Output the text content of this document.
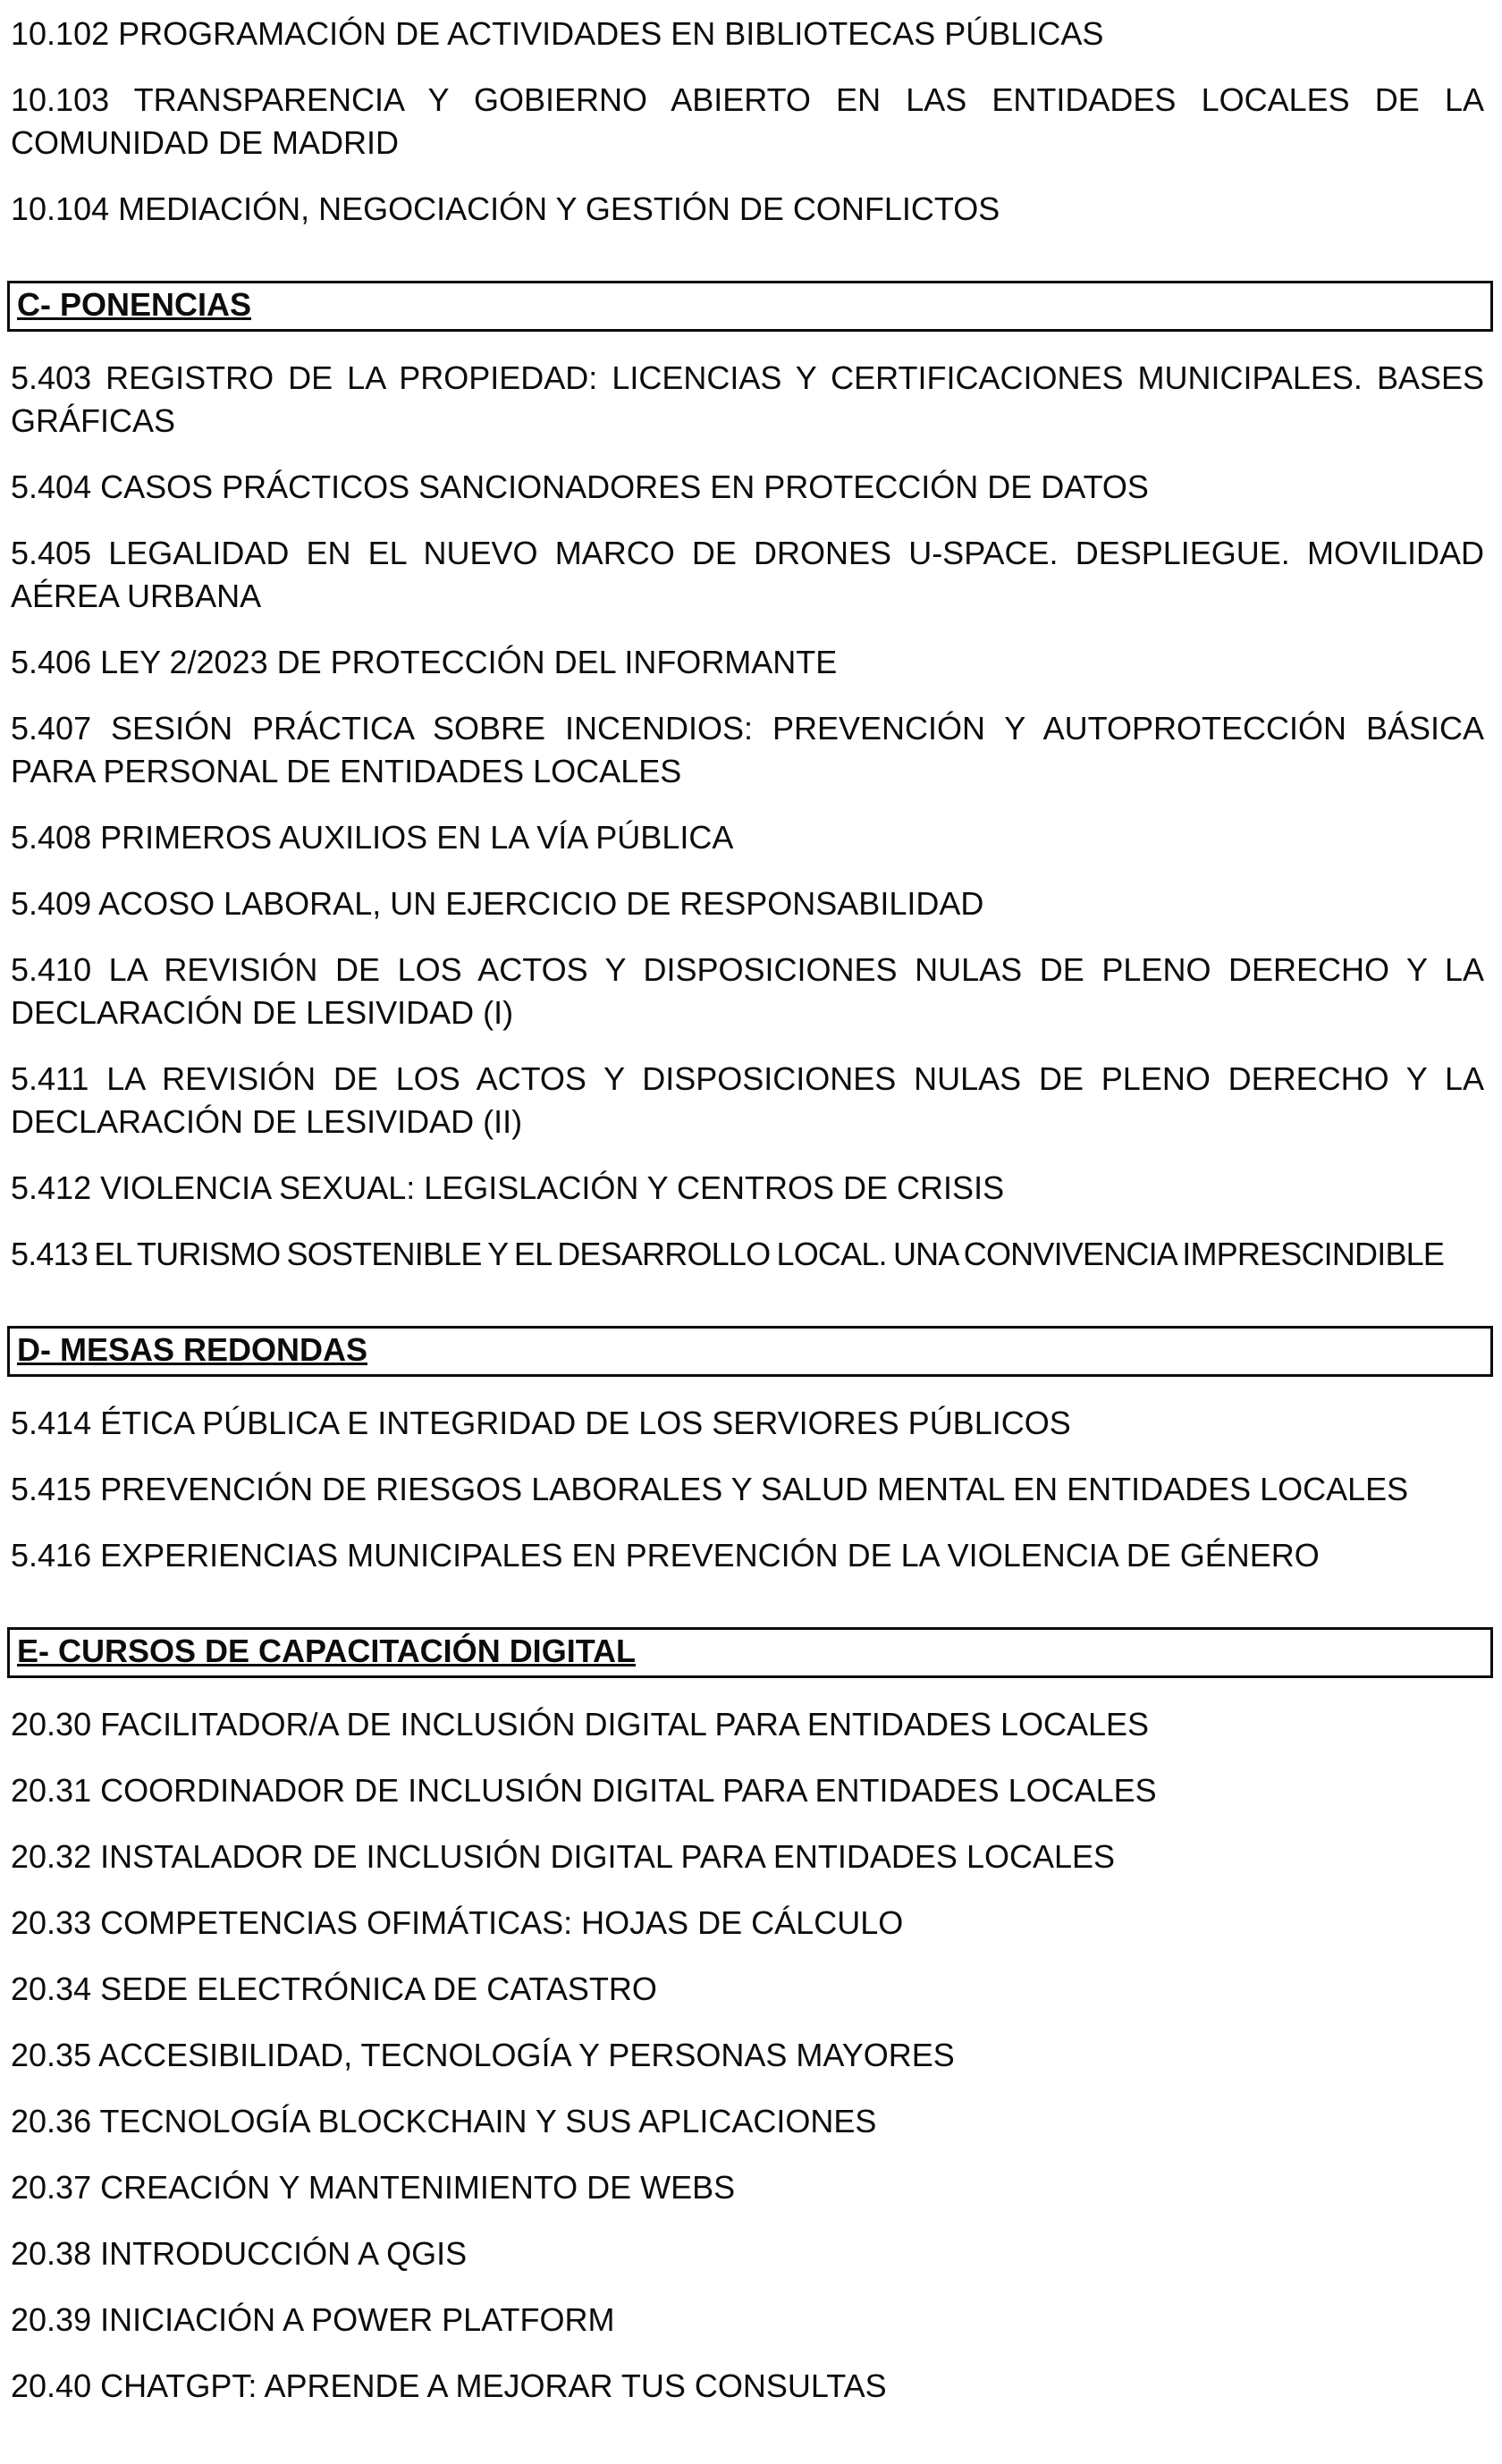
10.102 PROGRAMACIÓN DE ACTIVIDADES EN BIBLIOTECAS PÚBLICAS

10.103 TRANSPARENCIA Y GOBIERNO ABIERTO EN LAS ENTIDADES LOCALES DE LA COMUNIDAD DE MADRID

10.104 MEDIACIÓN, NEGOCIACIÓN Y GESTIÓN DE CONFLICTOS

C- PONENCIAS

5.403 REGISTRO DE LA PROPIEDAD: LICENCIAS Y CERTIFICACIONES MUNICIPALES. BASES GRÁFICAS

5.404 CASOS PRÁCTICOS SANCIONADORES EN PROTECCIÓN DE DATOS

5.405 LEGALIDAD EN EL NUEVO MARCO DE DRONES U-SPACE. DESPLIEGUE. MOVILIDAD AÉREA URBANA

5.406 LEY 2/2023 DE PROTECCIÓN DEL INFORMANTE

5.407 SESIÓN PRÁCTICA SOBRE INCENDIOS: PREVENCIÓN Y AUTOPROTECCIÓN BÁSICA PARA PERSONAL DE ENTIDADES LOCALES

5.408 PRIMEROS AUXILIOS EN LA VÍA PÚBLICA

5.409 ACOSO LABORAL, UN EJERCICIO DE RESPONSABILIDAD

5.410 LA REVISIÓN DE LOS ACTOS Y DISPOSICIONES NULAS DE PLENO DERECHO Y LA DECLARACIÓN DE LESIVIDAD (I)

5.411 LA REVISIÓN DE LOS ACTOS Y DISPOSICIONES NULAS DE PLENO DERECHO Y LA DECLARACIÓN DE LESIVIDAD (II)

5.412 VIOLENCIA SEXUAL: LEGISLACIÓN Y CENTROS DE CRISIS

5.413 EL TURISMO SOSTENIBLE Y EL DESARROLLO LOCAL. UNA CONVIVENCIA IMPRESCINDIBLE

D- MESAS REDONDAS

5.414 ÉTICA PÚBLICA E INTEGRIDAD DE LOS SERVIORES PÚBLICOS

5.415 PREVENCIÓN DE RIESGOS LABORALES Y SALUD MENTAL EN ENTIDADES LOCALES

5.416 EXPERIENCIAS MUNICIPALES EN PREVENCIÓN DE LA VIOLENCIA DE GÉNERO

E- CURSOS DE CAPACITACIÓN DIGITAL

20.30 FACILITADOR/A DE INCLUSIÓN DIGITAL PARA ENTIDADES LOCALES

20.31 COORDINADOR DE INCLUSIÓN DIGITAL PARA ENTIDADES LOCALES

20.32 INSTALADOR DE INCLUSIÓN DIGITAL PARA ENTIDADES LOCALES

20.33 COMPETENCIAS OFIMÁTICAS: HOJAS DE CÁLCULO

20.34 SEDE ELECTRÓNICA DE CATASTRO

20.35 ACCESIBILIDAD, TECNOLOGÍA Y PERSONAS MAYORES

20.36 TECNOLOGÍA BLOCKCHAIN Y SUS APLICACIONES

20.37 CREACIÓN Y MANTENIMIENTO DE WEBS

20.38 INTRODUCCIÓN A QGIS

20.39 INICIACIÓN A POWER PLATFORM

20.40 CHATGPT: APRENDE A MEJORAR TUS CONSULTAS
